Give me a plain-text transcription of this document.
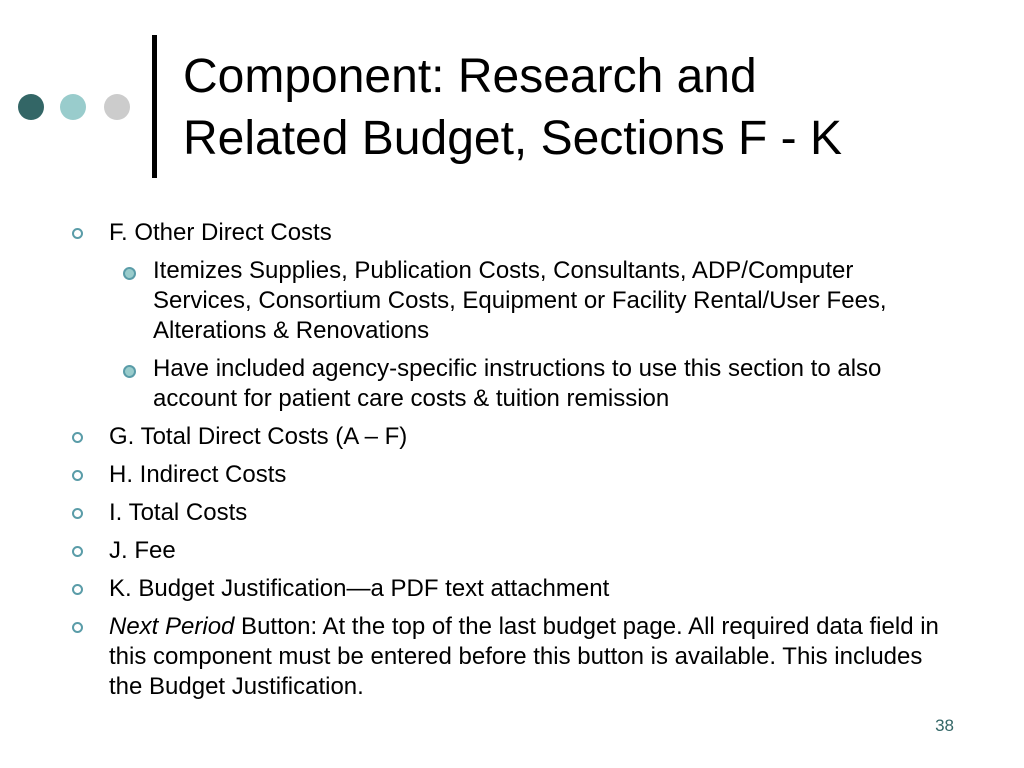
Component: Research and
Related Budget, Sections F - K
F. Other Direct Costs
Itemizes Supplies, Publication Costs, Consultants, ADP/Computer Services, Consortium Costs, Equipment or Facility Rental/User Fees, Alterations & Renovations
Have included agency-specific instructions to use this section to also account for patient care costs & tuition remission
G. Total Direct Costs (A – F)
H. Indirect Costs
I. Total Costs
J. Fee
K. Budget Justification—a PDF text attachment
Next Period Button: At the top of the last budget page. All required data field in this component must be entered before this button is available. This includes the Budget Justification.
38
